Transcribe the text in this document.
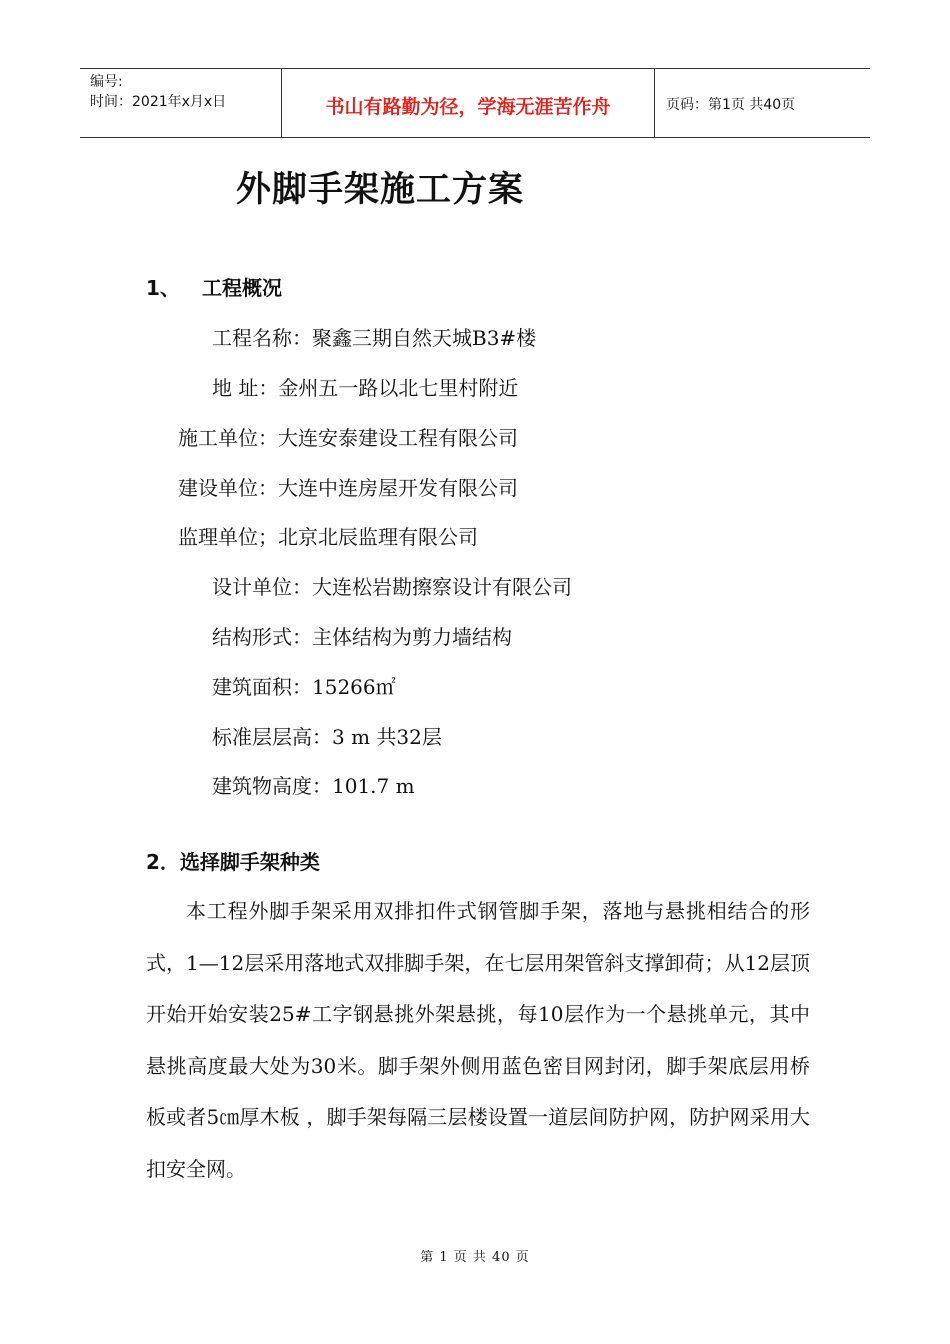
编号:
时间：2021年x月x日	书山有路勤为径，学海无涯苦作舟	页码：第1页 共40页
外脚手架施工方案
1、 工程概况
工程名称：聚鑫三期自然天城B3#楼
地 址：金州五一路以北七里村附近
施工单位：大连安泰建设工程有限公司
建设单位：大连中连房屋开发有限公司
监理单位；北京北辰监理有限公司
设计单位：大连松岩勘擦察设计有限公司
结构形式：主体结构为剪力墙结构
建筑面积：15266㎡
标准层层高：3 m 共32层
建筑物高度：101.7 m
2．选择脚手架种类

本工程外脚手架采用双排扣件式钢管脚手架，落地与悬挑相结合的形式，1—12层采用落地式双排脚手架，在七层用架管斜支撑卸荷；从12层顶开始开始安装25#工字钢悬挑外架悬挑，每10层作为一个悬挑单元，其中悬挑高度最大处为30米。脚手架外侧用蓝色密目网封闭，脚手架底层用桥板或者5㎝厚木板 ，脚手架每隔三层楼设置一道层间防护网，防护网采用大扣安全网。

第 1 页 共 40 页
